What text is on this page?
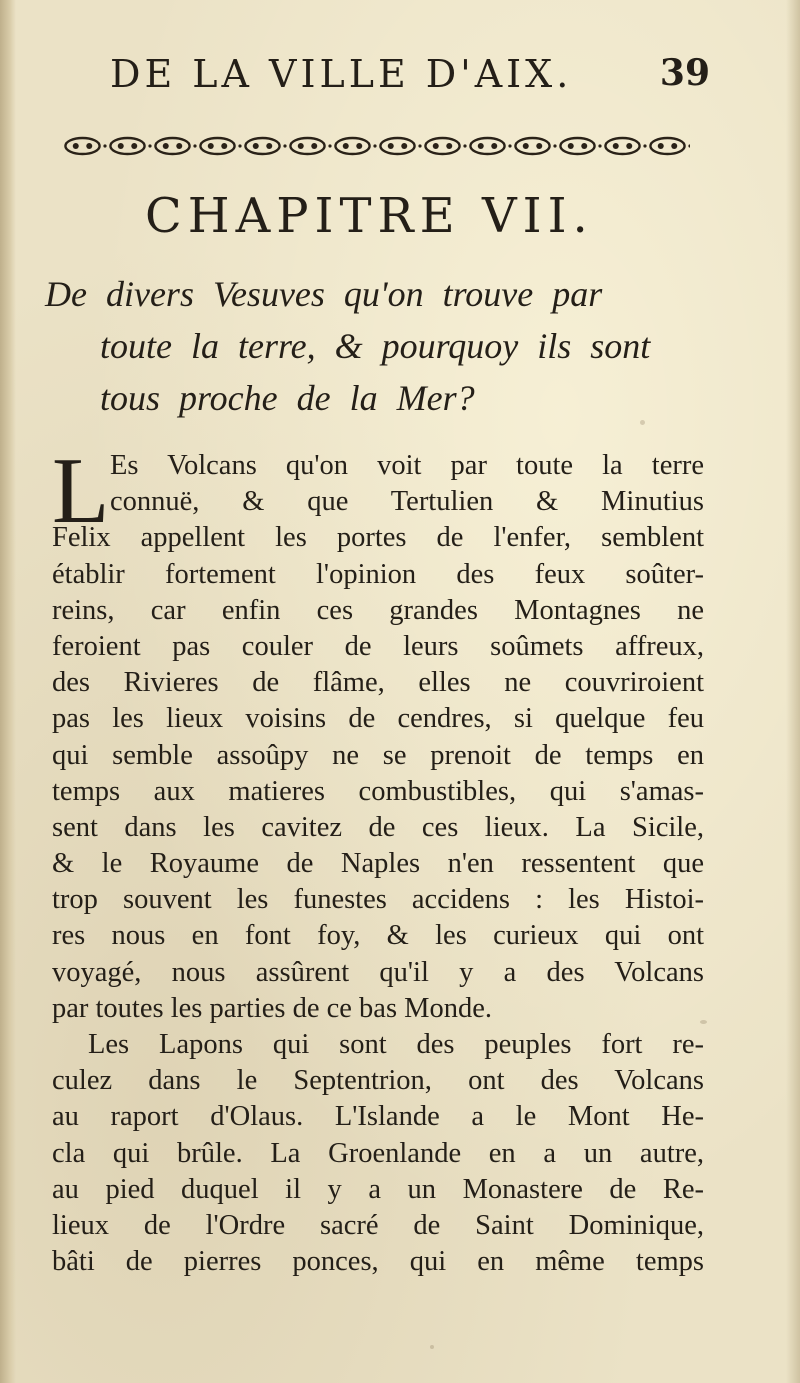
DE LA VILLE D'AIX. 39
CHAPITRE VII.
De divers Vesuves qu'on trouve par
toute la terre, & pourquoy ils sont
tous proche de la Mer?
L Es Volcans qu'on voit par toute la terre
connuë, & que Tertulien & Minutius
Felix appellent les portes de l'enfer, semblent
établir fortement l'opinion des feux soûter-
reins, car enfin ces grandes Montagnes ne
feroient pas couler de leurs soûmets affreux,
des Rivieres de flâme, elles ne couvriroient
pas les lieux voisins de cendres, si quelque feu
qui semble assoûpy ne se prenoit de temps en
temps aux matieres combustibles, qui s'amas-
sent dans les cavitez de ces lieux. La Sicile,
& le Royaume de Naples n'en ressentent que
trop souvent les funestes accidens : les Histoi-
res nous en font foy, & les curieux qui ont
voyagé, nous assûrent qu'il y a des Volcans
par toutes les parties de ce bas Monde.
Les Lapons qui sont des peuples fort re-
culez dans le Septentrion, ont des Volcans
au raport d'Olaus. L'Islande a le Mont He-
cla qui brûle. La Groenlande en a un autre,
au pied duquel il y a un Monastere de Re-
lieux de l'Ordre sacré de Saint Dominique,
bâti de pierres ponces, qui en même temps
